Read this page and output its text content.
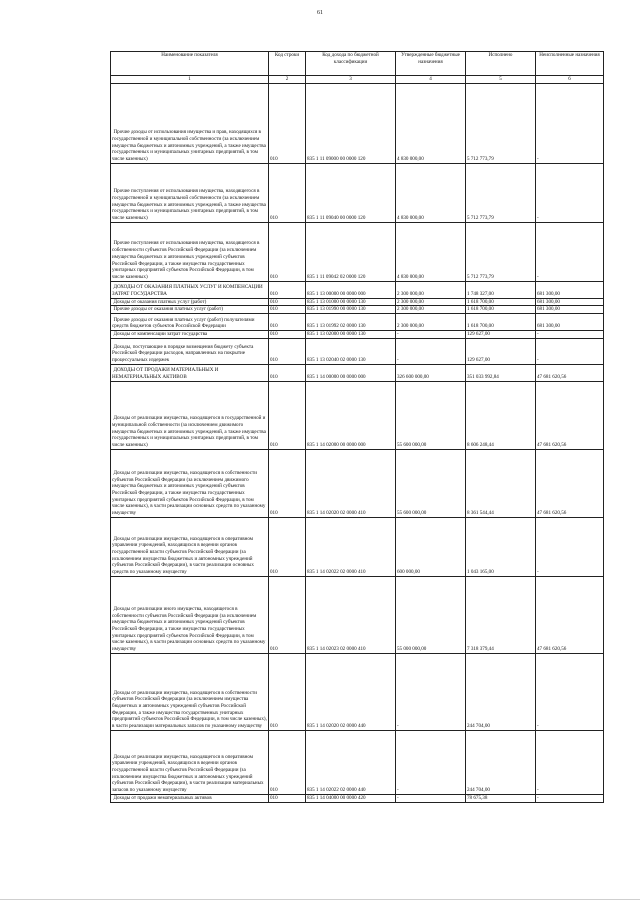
61
Наименование показателя	Код строки	Код дохода по бюджетной классификации	Утвержденные бюджетные назначения	Исполнено	Неисполненные назначения
1	2	3	4	5	6

Прочие доходы от использования имущества и прав, находящихся в государственной и муниципальной собственности (за исключением имущества бюджетных и автономных учреждений, а также имущества государственных и муниципальных унитарных предприятий, в том числе казенных)	010	835 1 11 09000 00 0000 120	4 830 000,00	5 712 773,79	-

Прочие поступления от использования имущества, находящегося в государственной и муниципальной собственности (за исключением имущества бюджетных и автономных учреждений, а также имущества государственных и муниципальных унитарных предприятий, в том числе казенных)	010	835 1 11 09040 00 0000 120	4 830 000,00	5 712 773,79	-

Прочие поступления от использования имущества, находящегося в собственности субъектов Российской Федерации (за исключением имущества бюджетных и автономных учреждений субъектов Российской Федерации, а также имущества государственных унитарных предприятий субъектов Российской Федерации, в том числе казенных)	010	835 1 11 09042 02 0000 120	4 830 000,00	5 712 773,79	-

ДОХОДЫ ОТ ОКАЗАНИЯ ПЛАТНЫХ УСЛУГ И КОМПЕНСАЦИИ ЗАТРАТ ГОСУДАРСТВА	010	835 1 13 00000 00 0000 000	2 300 000,00	1 748 327,00	681 300,00

Доходы от оказания платных услуг (работ)	010	835 1 13 01000 00 0000 130	2 300 000,00	1 618 700,00	681 300,00

Прочие доходы от оказания платных услуг (работ)	010	835 1 13 01990 00 0000 130	2 300 000,00	1 618 700,00	681 300,00

Прочие доходы от оказания платных услуг (работ) получателями средств бюджетов субъектов Российской Федерации	010	835 1 13 01992 02 0000 130	2 300 000,00	1 618 700,00	681 300,00

Доходы от компенсации затрат государства	010	835 1 13 02000 00 0000 130	-	129 627,00	-

Доходы, поступающие в порядке возмещения бюджету субъекта Российской Федерации расходов, направленных на покрытие процессуальных издержек	010	835 1 13 02040 02 0000 130	-	129 627,00	-

ДОХОДЫ ОТ ПРОДАЖИ МАТЕРИАЛЬНЫХ И НЕМАТЕРИАЛЬНЫХ АКТИВОВ	010	835 1 14 00000 00 0000 000	326 600 000,00	351 033 992,84	47 681 620,56

Доходы от реализации имущества, находящегося в государственной и муниципальной собственности (за исключением движимого имущества бюджетных и автономных учреждений, а также имущества государственных и муниципальных унитарных предприятий, в том числе казенных)	010	835 1 14 02000 00 0000 000	55 600 000,00	8 606 248,44	47 681 620,56

Доходы от реализации имущества, находящегося в собственности субъектов Российской Федерации (за исключением движимого имущества бюджетных и автономных учреждений субъектов Российской Федерации, а также имущества государственных унитарных предприятий субъектов Российской Федерации, в том числе казенных), в части реализации основных средств по указанному имуществу	010	835 1 14 02020 02 0000 410	55 600 000,00	8 361 544,44	47 681 620,56

Доходы от реализации имущества, находящегося в оперативном управлении учреждений, находящихся в ведении органов государственной власти субъектов Российской Федерации (за исключением имущества бюджетных и автономных учреждений субъектов Российской Федерации), в части реализации основных средств по указанному имуществу	010	835 1 14 02022 02 0000 410	600 000,00	1 043 165,00	-

Доходы от реализации иного имущества, находящегося в собственности субъектов Российской Федерации (за исключением имущества бюджетных и автономных учреждений субъектов Российской Федерации, а также имущества государственных унитарных предприятий субъектов Российской Федерации, в том числе казенных), в части реализации основных средств по указанному имуществу	010	835 1 14 02023 02 0000 410	55 000 000,00	7 318 379,44	47 681 620,56

Доходы от реализации имущества, находящегося в собственности субъектов Российской Федерации (за исключением имущества бюджетных и автономных учреждений субъектов Российской Федерации, а также имущества государственных унитарных предприятий субъектов Российской Федерации, в том числе казенных), в части реализации материальных запасов по указанному имуществу	010	835 1 14 02020 02 0000 440	-	244 704,00	-

Доходы от реализации имущества, находящегося в оперативном управлении учреждений, находящихся в ведении органов государственной власти субъектов Российской Федерации (за исключением имущества бюджетных и автономных учреждений субъектов Российской Федерации), в части реализации материальных запасов по указанному имуществу	010	835 1 14 02022 02 0000 440	-	244 704,00	-

Доходы от продажи нематериальных активов	010	835 1 14 04000 00 0000 420	-	78 675,38	-
